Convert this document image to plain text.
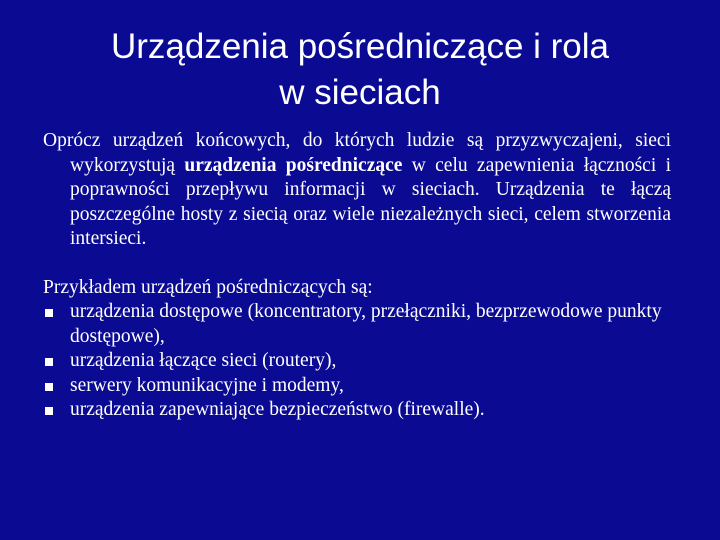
Urządzenia pośredniczące i rola
w sieciach

Oprócz urządzeń końcowych, do których ludzie są przyzwyczajeni, sieci wykorzystują urządzenia pośredniczące w celu zapewnienia łączności i poprawności przepływu informacji w sieciach. Urządzenia te łączą poszczególne hosty z siecią oraz wiele niezależnych sieci, celem stworzenia intersieci.

Przykładem urządzeń pośredniczących są:

urządzenia dostępowe (koncentratory, przełączniki, bezprzewodowe punkty dostępowe),
urządzenia łączące sieci (routery),
serwery komunikacyjne i modemy,
urządzenia zapewniające bezpieczeństwo (firewalle).
